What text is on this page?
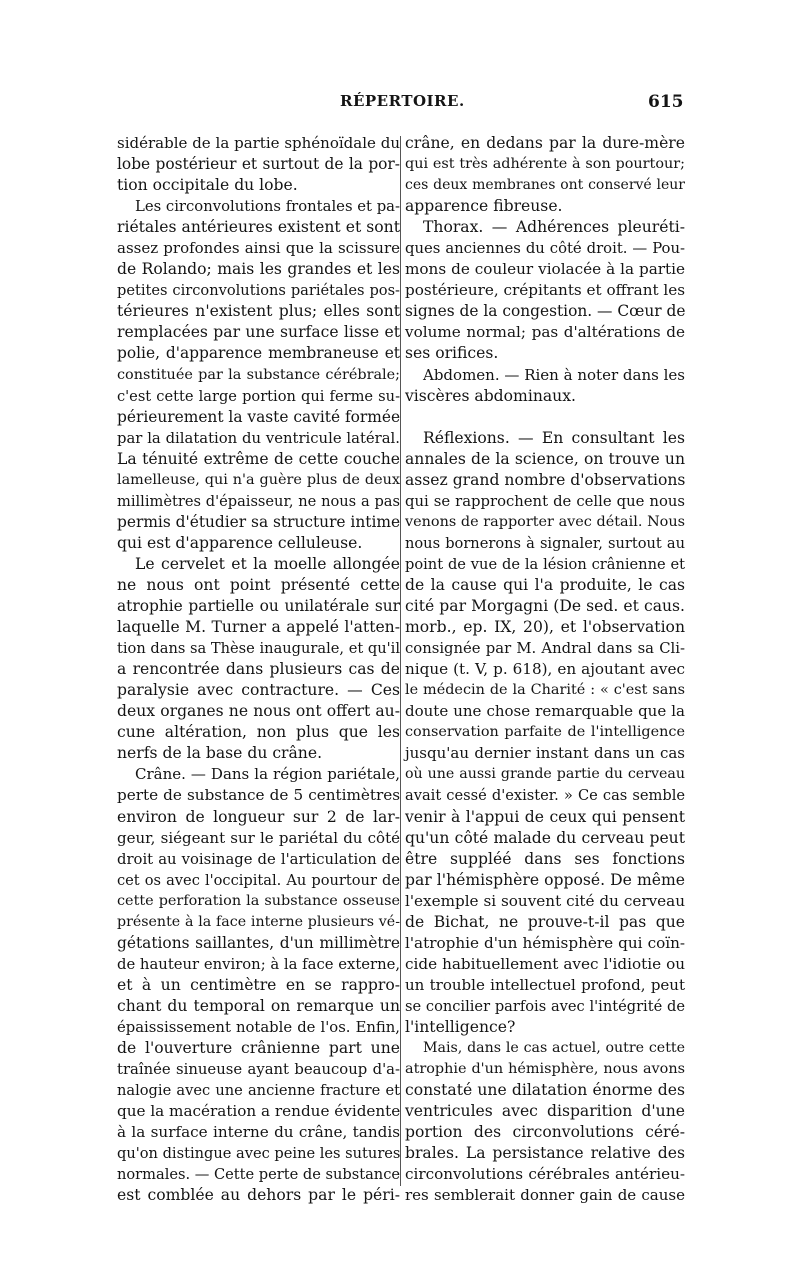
RÉPERTOIRE.	615
sidérable de la partie sphénoïdale du
lobe postérieur et surtout de la por-
tion occipitale du lobe.
Les circonvolutions frontales et pa-
riétales antérieures existent et sont
assez profondes ainsi que la scissure
de Rolando; mais les grandes et les
petites circonvolutions pariétales pos-
térieures n'existent plus; elles sont
remplacées par une surface lisse et
polie, d'apparence membraneuse et
constituée par la substance cérébrale;
c'est cette large portion qui ferme su-
périeurement la vaste cavité formée
par la dilatation du ventricule latéral.
La ténuité extrême de cette couche
lamelleuse, qui n'a guère plus de deux
millimètres d'épaisseur, ne nous a pas
permis d'étudier sa structure intime
qui est d'apparence celluleuse.
Le cervelet et la moelle allongée
ne nous ont point présenté cette
atrophie partielle ou unilatérale sur
laquelle M. Turner a appelé l'atten-
tion dans sa Thèse inaugurale, et qu'il
a rencontrée dans plusieurs cas de
paralysie avec contracture. — Ces
deux organes ne nous ont offert au-
cune altération, non plus que les
nerfs de la base du crâne.
Crâne. — Dans la région pariétale,
perte de substance de 5 centimètres
environ de longueur sur 2 de lar-
geur, siégeant sur le pariétal du côté
droit au voisinage de l'articulation de
cet os avec l'occipital. Au pourtour de
cette perforation la substance osseuse
présente à la face interne plusieurs vé-
gétations saillantes, d'un millimètre
de hauteur environ; à la face externe,
et à un centimètre en se rappro-
chant du temporal on remarque un
épaississement notable de l'os. Enfin,
de l'ouverture crânienne part une
traînée sinueuse ayant beaucoup d'a-
nalogie avec une ancienne fracture et
que la macération a rendue évidente
à la surface interne du crâne, tandis
qu'on distingue avec peine les sutures
normales. — Cette perte de substance
est comblée au dehors par le péri-
crâne, en dedans par la dure-mère
qui est très adhérente à son pourtour;
ces deux membranes ont conservé leur
apparence fibreuse.
Thorax. — Adhérences pleuréti-
ques anciennes du côté droit. — Pou-
mons de couleur violacée à la partie
postérieure, crépitants et offrant les
signes de la congestion. — Cœur de
volume normal; pas d'altérations de
ses orifices.
Abdomen. — Rien à noter dans les
viscères abdominaux.
Réflexions. — En consultant les
annales de la science, on trouve un
assez grand nombre d'observations
qui se rapprochent de celle que nous
venons de rapporter avec détail. Nous
nous bornerons à signaler, surtout au
point de vue de la lésion crânienne et
de la cause qui l'a produite, le cas
cité par Morgagni (De sed. et caus.
morb., ep. IX, 20), et l'observation
consignée par M. Andral dans sa Cli-
nique (t. V, p. 618), en ajoutant avec
le médecin de la Charité : « c'est sans
doute une chose remarquable que la
conservation parfaite de l'intelligence
jusqu'au dernier instant dans un cas
où une aussi grande partie du cerveau
avait cessé d'exister. » Ce cas semble
venir à l'appui de ceux qui pensent
qu'un côté malade du cerveau peut
être suppléé dans ses fonctions
par l'hémisphère opposé. De même
l'exemple si souvent cité du cerveau
de Bichat, ne prouve-t-il pas que
l'atrophie d'un hémisphère qui coïn-
cide habituellement avec l'idiotie ou
un trouble intellectuel profond, peut
se concilier parfois avec l'intégrité de
l'intelligence?
Mais, dans le cas actuel, outre cette
atrophie d'un hémisphère, nous avons
constaté une dilatation énorme des
ventricules avec disparition d'une
portion des circonvolutions céré-
brales. La persistance relative des
circonvolutions cérébrales antérieu-
res semblerait donner gain de cause
